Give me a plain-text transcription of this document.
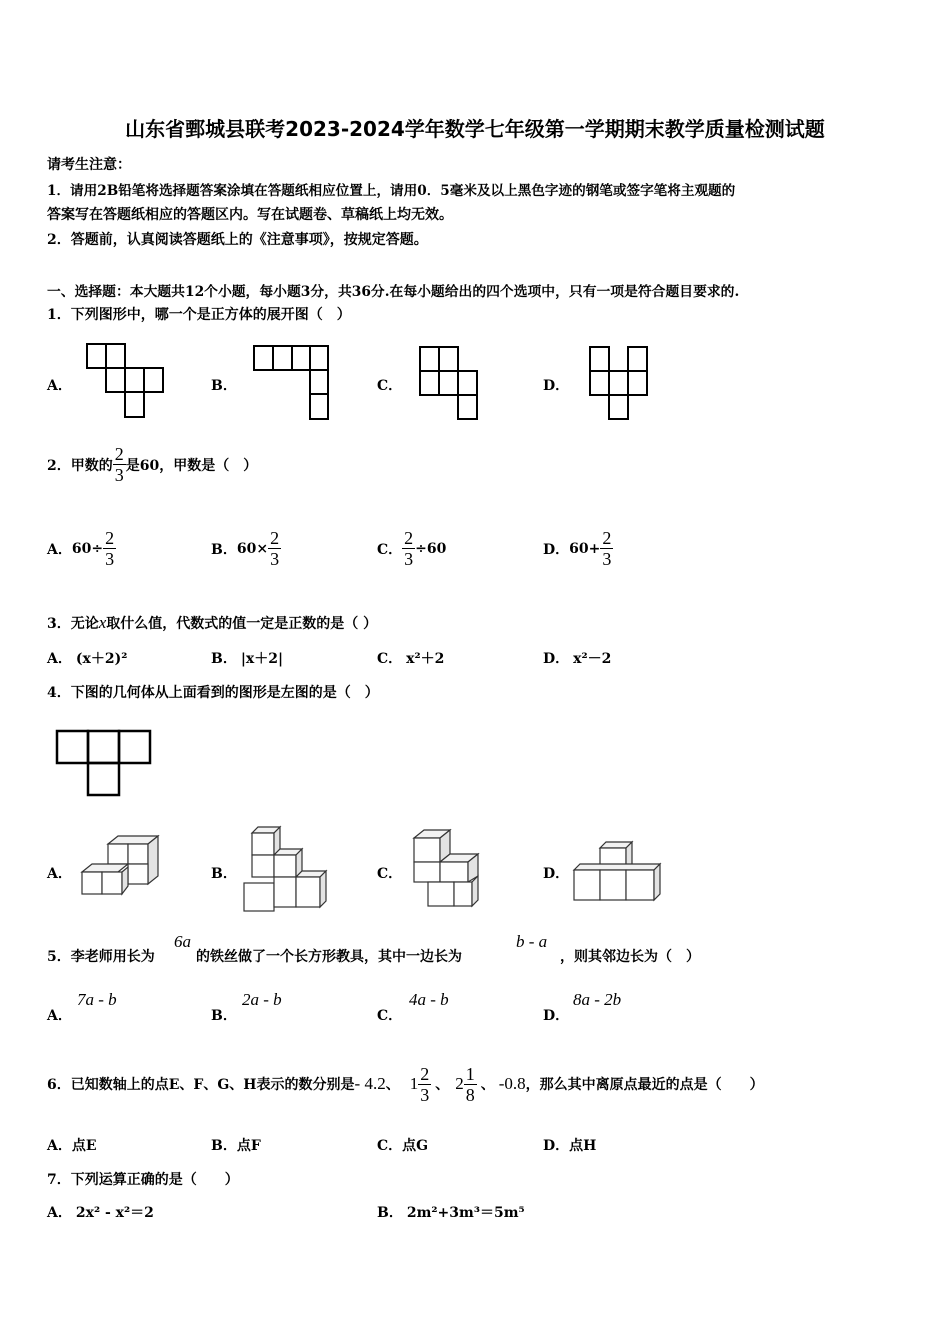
山东省鄄城县联考2023-2024学年数学七年级第一学期期末教学质量检测试题
请考生注意：
1．请用2B铅笔将选择题答案涂填在答题纸相应位置上，请用0．5毫米及以上黑色字迹的钢笔或签字笔将主观题的
答案写在答题纸相应的答题区内。写在试题卷、草稿纸上均无效。
2．答题前，认真阅读答题纸上的《注意事项》，按规定答题。
一、选择题：本大题共12个小题，每小题3分，共36分.在每小题给出的四个选项中，只有一项是符合题目要求的.
1．下列图形中，哪一个是正方体的展开图（　）
A．	B．	C．	D．
2．甲数的 $\frac{2}{3}$ 是60，甲数是（　）
A． $60\div \frac{2}{3}$	B． $60\times \frac{2}{3}$	C． $\frac{2}{3} \div 60$	D． $60+ \frac{2}{3}$
3．无论x取什么值，代数式的值一定是正数的是（ ）
A． (x＋2)²	B． |x＋2|	C． x²＋2	D． x²－2
4．下图的几何体从上面看到的图形是左图的是（　）
A．	B．	C．	D．
5．李老师用长为
6a
的铁丝做了一个长方形教具，其中一边长为
b - a
，则其邻边长为（　）
A．
7a - b
B．
2a - b
C．
4a - b
D．
8a - 2b
6．已知数轴上的点E、F、G、H表示的数分别是 - 4.2 、 $1 \frac{2}{3}$ 、 $2 \frac{1}{8}$ 、 -0.8 ，那么其中离原点最近的点是（　　）
A．点E	B．点F	C．点G	D．点H
7．下列运算正确的是（　　）
A． 2x² - x²＝2	B． 2m²+3m³＝5m⁵
